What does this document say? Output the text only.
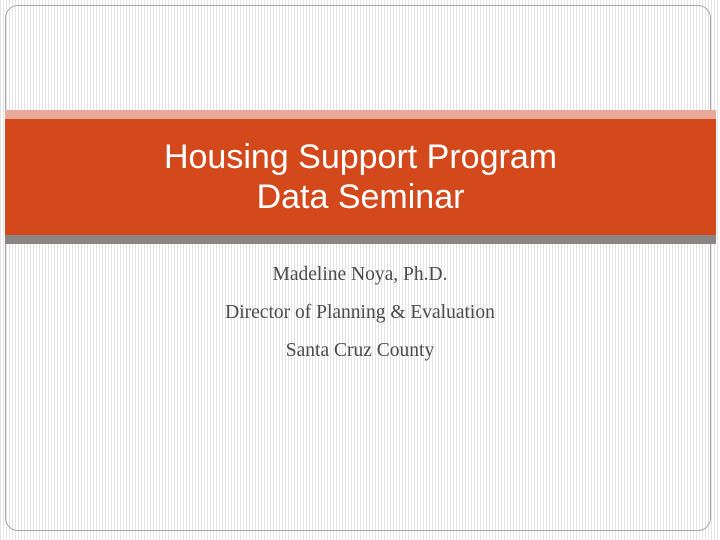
Housing Support Program
Data Seminar
Madeline Noya, Ph.D.
Director of Planning & Evaluation
Santa Cruz County
